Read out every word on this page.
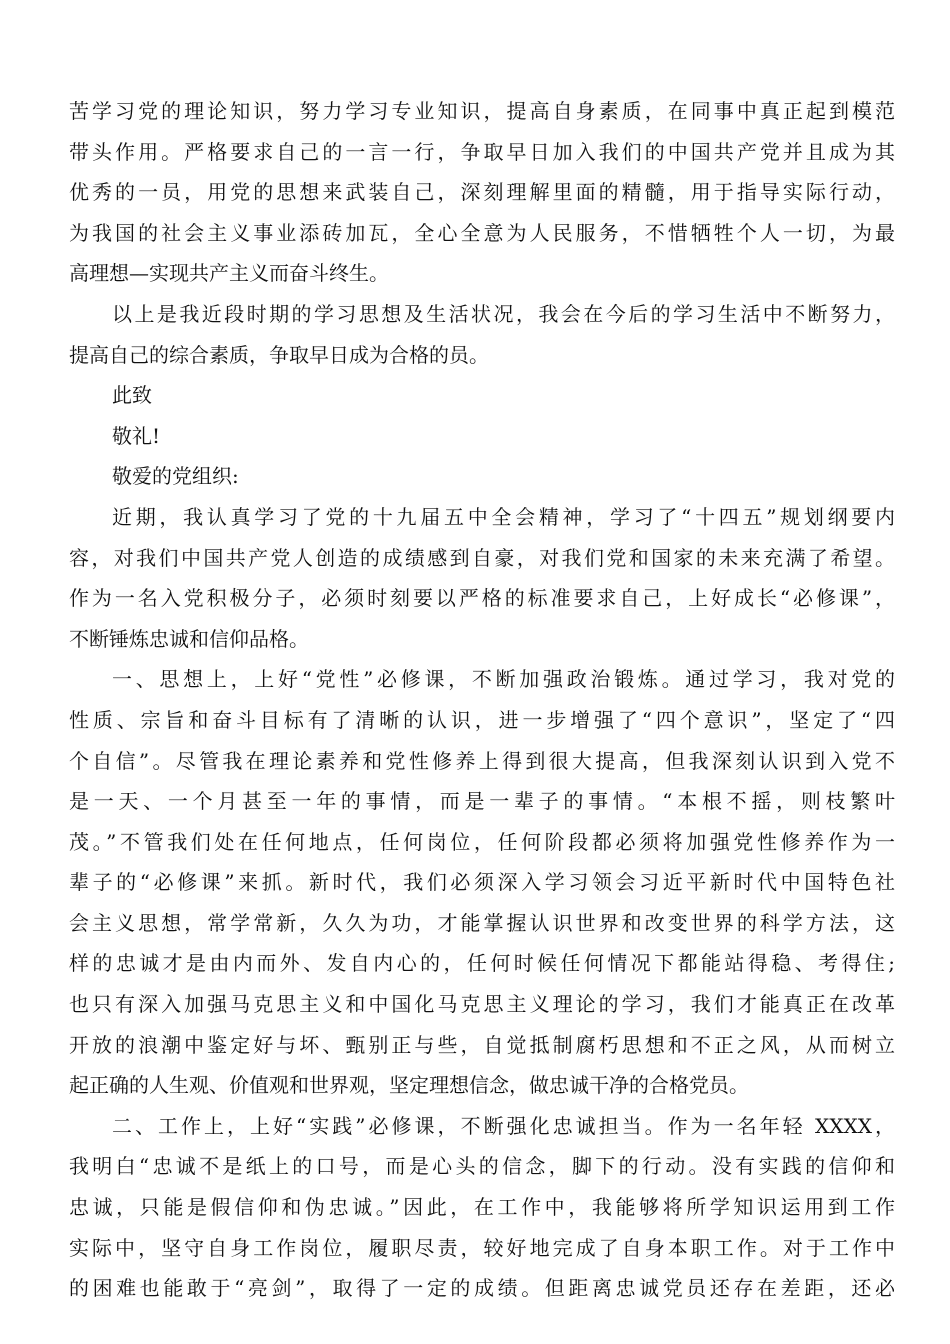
苦学习党的理论知识，努力学习专业知识，提高自身素质，在同事中真正起到模范
带头作用。严格要求自己的一言一行，争取早日加入我们的中国共产党并且成为其
优秀的一员，用党的思想来武装自己，深刻理解里面的精髓，用于指导实际行动，
为我国的社会主义事业添砖加瓦，全心全意为人民服务，不惜牺牲个人一切，为最
高理想—实现共产主义而奋斗终生。
以上是我近段时期的学习思想及生活状况，我会在今后的学习生活中不断努力，
提高自己的综合素质，争取早日成为合格的员。
此致
敬礼!
敬爱的党组织:
近期，我认真学习了党的十九届五中全会精神，学习了“十四五”规划纲要内
容，对我们中国共产党人创造的成绩感到自豪，对我们党和国家的未来充满了希望。
作为一名入党积极分子，必须时刻要以严格的标准要求自己，上好成长“必修课”，
不断锤炼忠诚和信仰品格。
一、思想上，上好“党性”必修课，不断加强政治锻炼。通过学习，我对党的
性质、宗旨和奋斗目标有了清晰的认识，进一步增强了“四个意识”，坚定了“四
个自信”。尽管我在理论素养和党性修养上得到很大提高，但我深刻认识到入党不
是一天、一个月甚至一年的事情，而是一辈子的事情。“本根不摇，则枝繁叶
茂。”不管我们处在任何地点，任何岗位，任何阶段都必须将加强党性修养作为一
辈子的“必修课”来抓。新时代，我们必须深入学习领会习近平新时代中国特色社
会主义思想，常学常新，久久为功，才能掌握认识世界和改变世界的科学方法，这
样的忠诚才是由内而外、发自内心的，任何时候任何情况下都能站得稳、考得住;
也只有深入加强马克思主义和中国化马克思主义理论的学习，我们才能真正在改革
开放的浪潮中鉴定好与坏、甄别正与些，自觉抵制腐朽思想和不正之风，从而树立
起正确的人生观、价值观和世界观，坚定理想信念，做忠诚干净的合格党员。
二、工作上，上好“实践”必修课，不断强化忠诚担当。作为一名年轻 XXXX，
我明白“忠诚不是纸上的口号，而是心头的信念，脚下的行动。没有实践的信仰和
忠诚，只能是假信仰和伪忠诚。”因此，在工作中，我能够将所学知识运用到工作
实际中，坚守自身工作岗位，履职尽责，较好地完成了自身本职工作。对于工作中
的困难也能敢于“亮剑”，取得了一定的成绩。但距离忠诚党员还存在差距，还必
